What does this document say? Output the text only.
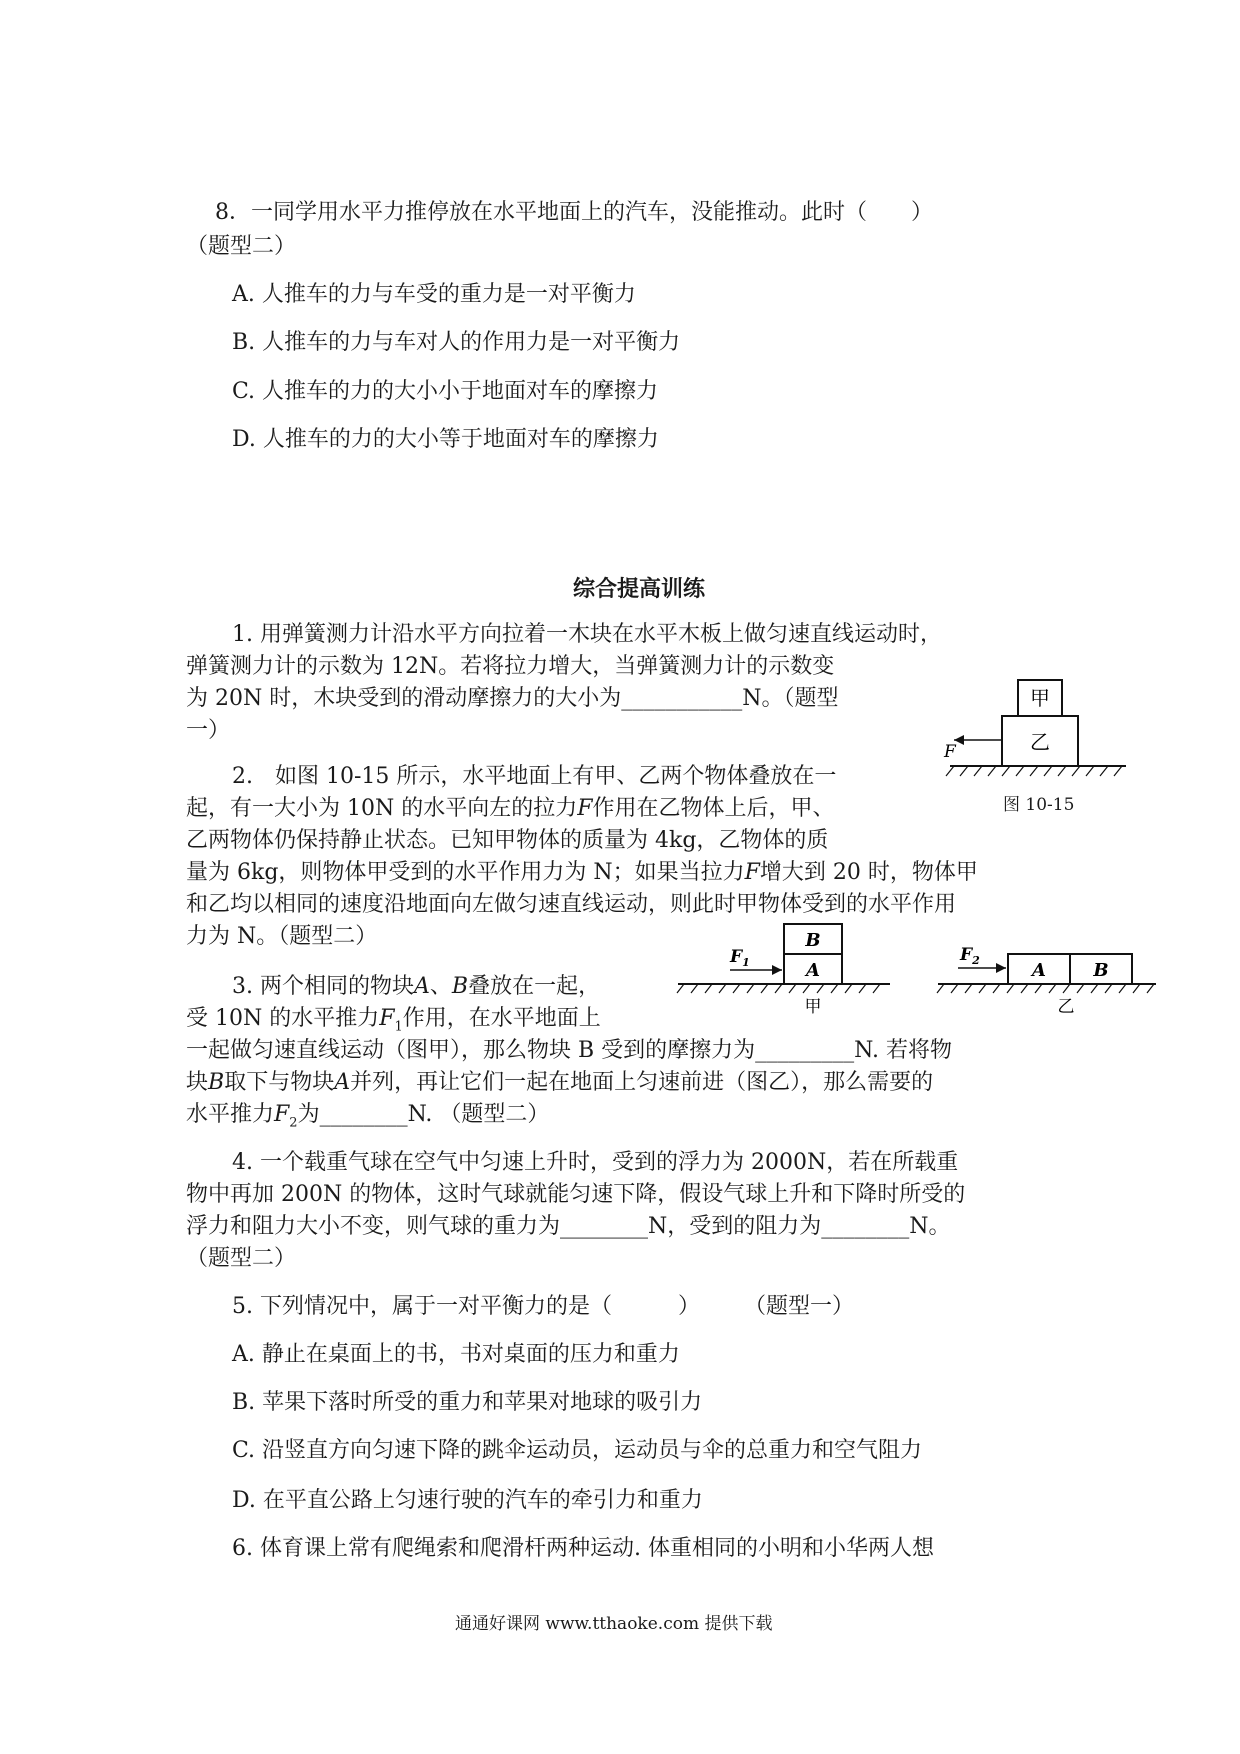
8．一同学用水平力推停放在水平地面上的汽车，没能推动。此时（　　）
（题型二）
A. 人推车的力与车受的重力是一对平衡力
B. 人推车的力与车对人的作用力是一对平衡力
C. 人推车的力的大小小于地面对车的摩擦力
D. 人推车的力的大小等于地面对车的摩擦力
综合提高训练
1. 用弹簧测力计沿水平方向拉着一木块在水平木板上做匀速直线运动时，
弹簧测力计的示数为 12N。若将拉力增大，当弹簧测力计的示数变
为 20N 时，木块受到的滑动摩擦力的大小为___________N。（题型
一）
甲
乙
F
图 10-15
2.　如图 10-15 所示，水平地面上有甲、乙两个物体叠放在一
起，有一大小为 10N 的水平向左的拉力F作用在乙物体上后，甲、
乙两物体仍保持静止状态。已知甲物体的质量为 4kg，乙物体的质
量为 6kg，则物体甲受到的水平作用力为 N；如果当拉力F增大到 20 时，物体甲
和乙均以相同的速度沿地面向左做匀速直线运动，则此时甲物体受到的水平作用
力为 N。（题型二）	B
A
$F_1$
甲
A	B
$F_2$
乙
3. 两个相同的物块A、B叠放在一起，
受 10N 的水平推力$F_1$作用，在水平地面上
一起做匀速直线运动（图甲），那么物块 B 受到的摩擦力为_________N. 若将物
块B取下与物块A并列，再让它们一起在地面上匀速前进（图乙），那么需要的
水平推力$F_2$为________N. （题型二）
4. 一个载重气球在空气中匀速上升时，受到的浮力为 2000N，若在所载重
物中再加 200N 的物体，这时气球就能匀速下降，假设气球上升和下降时所受的
浮力和阻力大小不变，则气球的重力为________N，受到的阻力为________N。
（题型二）
5. 下列情况中，属于一对平衡力的是（　　　）　　　（题型一）
A. 静止在桌面上的书，书对桌面的压力和重力
B. 苹果下落时所受的重力和苹果对地球的吸引力
C. 沿竖直方向匀速下降的跳伞运动员，运动员与伞的总重力和空气阻力
D. 在平直公路上匀速行驶的汽车的牵引力和重力
6. 体育课上常有爬绳索和爬滑杆两种运动. 体重相同的小明和小华两人想
通通好课网 www.tthaoke.com 提供下载
